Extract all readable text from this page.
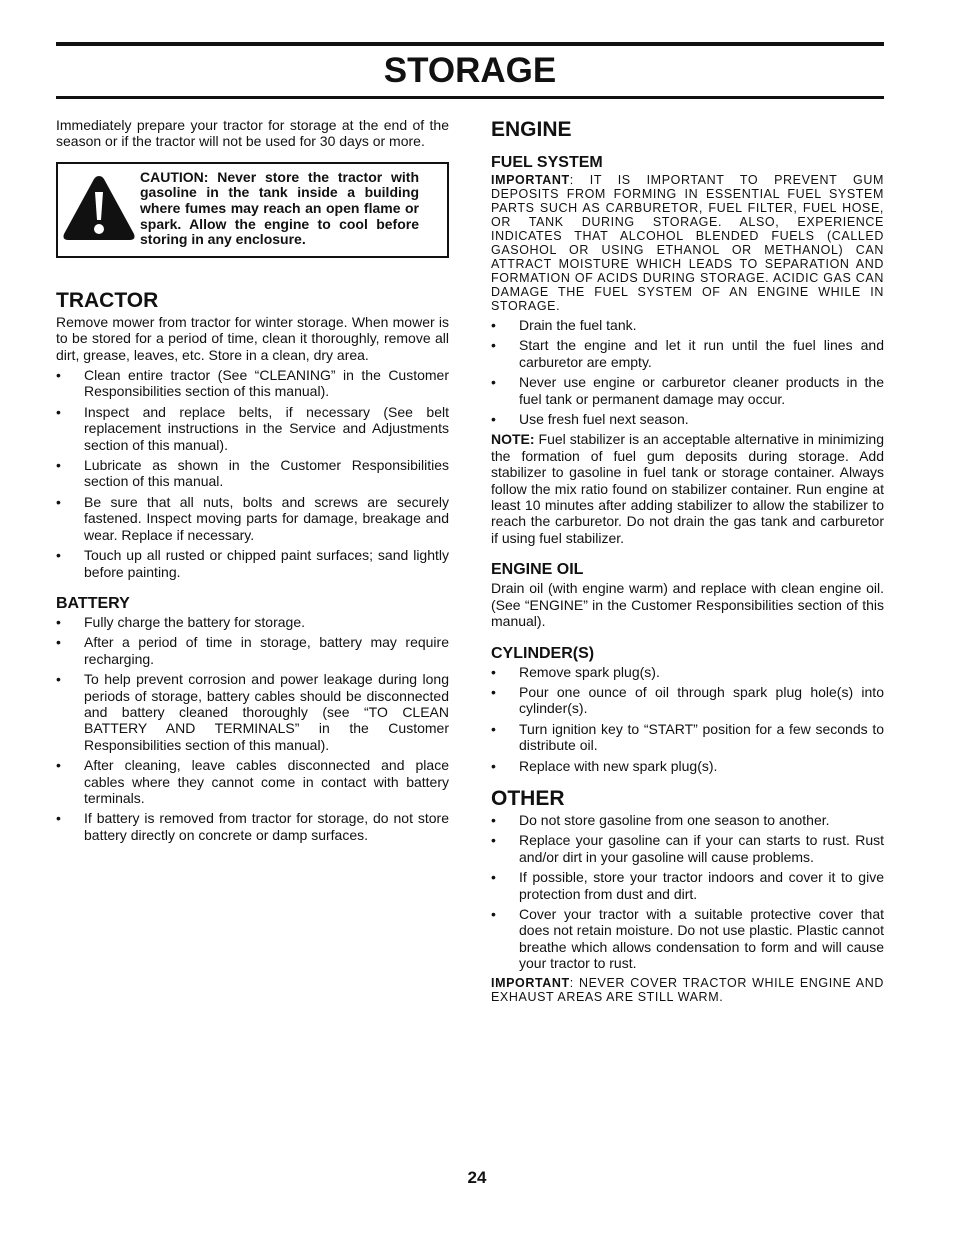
STORAGE

Immediately prepare your tractor for storage at the end of the season or if the tractor will not be used for 30 days or more.

CAUTION: Never store the tractor with gasoline in the tank inside a building where fumes may reach an open flame or spark. Allow the engine to cool before storing in any enclosure.
TRACTOR

Remove mower from tractor for winter storage. When mower is to be stored for a period of time, clean it thoroughly, remove all dirt, grease, leaves, etc. Store in a clean, dry area.

• Clean entire tractor (See “CLEANING” in the Customer Responsibilities section of this manual).
• Inspect and replace belts, if necessary (See belt replacement instructions in the Service and Adjustments section of this manual).
• Lubricate as shown in the Customer Responsibilities section of this manual.
• Be sure that all nuts, bolts and screws are securely fastened. Inspect moving parts for damage, breakage and wear. Replace if necessary.
• Touch up all rusted or chipped paint surfaces; sand lightly before painting.
BATTERY
• Fully charge the battery for storage.
• After a period of time in storage, battery may require recharging.
• To help prevent corrosion and power leakage during long periods of storage, battery cables should be disconnected and battery cleaned thoroughly (see “TO CLEAN BATTERY AND TERMINALS” in the Customer Responsibilities section of this manual).
• After cleaning, leave cables disconnected and place cables where they cannot come in contact with battery terminals.
• If battery is removed from tractor for storage, do not store battery directly on concrete or damp surfaces.
ENGINE
FUEL SYSTEM

IMPORTANT: IT IS IMPORTANT TO PREVENT GUM DEPOSITS FROM FORMING IN ESSENTIAL FUEL SYSTEM PARTS SUCH AS CARBURETOR, FUEL FILTER, FUEL HOSE, OR TANK DURING STORAGE. ALSO, EXPERIENCE INDICATES THAT ALCOHOL BLENDED FUELS (CALLED GASOHOL OR USING ETHANOL OR METHANOL) CAN ATTRACT MOISTURE WHICH LEADS TO SEPARATION AND FORMATION OF ACIDS DURING STORAGE. ACIDIC GAS CAN DAMAGE THE FUEL SYSTEM OF AN ENGINE WHILE IN STORAGE.

• Drain the fuel tank.
• Start the engine and let it run until the fuel lines and carburetor are empty.
• Never use engine or carburetor cleaner products in the fuel tank or permanent damage may occur.
• Use fresh fuel next season.

NOTE: Fuel stabilizer is an acceptable alternative in minimizing the formation of fuel gum deposits during storage. Add stabilizer to gasoline in fuel tank or storage container. Always follow the mix ratio found on stabilizer container. Run engine at least 10 minutes after adding stabilizer to allow the stabilizer to reach the carburetor. Do not drain the gas tank and carburetor if using fuel stabilizer.

ENGINE OIL

Drain oil (with engine warm) and replace with clean engine oil. (See “ENGINE” in the Customer Responsibilities section of this manual).

CYLINDER(S)
• Remove spark plug(s).
• Pour one ounce of oil through spark plug hole(s) into cylinder(s).
• Turn ignition key to “START” position for a few seconds to distribute oil.
• Replace with new spark plug(s).
OTHER
• Do not store gasoline from one season to another.
• Replace your gasoline can if your can starts to rust. Rust and/or dirt in your gasoline will cause problems.
• If possible, store your tractor indoors and cover it to give protection from dust and dirt.
• Cover your tractor with a suitable protective cover that does not retain moisture. Do not use plastic. Plastic cannot breathe which allows condensation to form and will cause your tractor to rust.

IMPORTANT: NEVER COVER TRACTOR WHILE ENGINE AND EXHAUST AREAS ARE STILL WARM.

24
